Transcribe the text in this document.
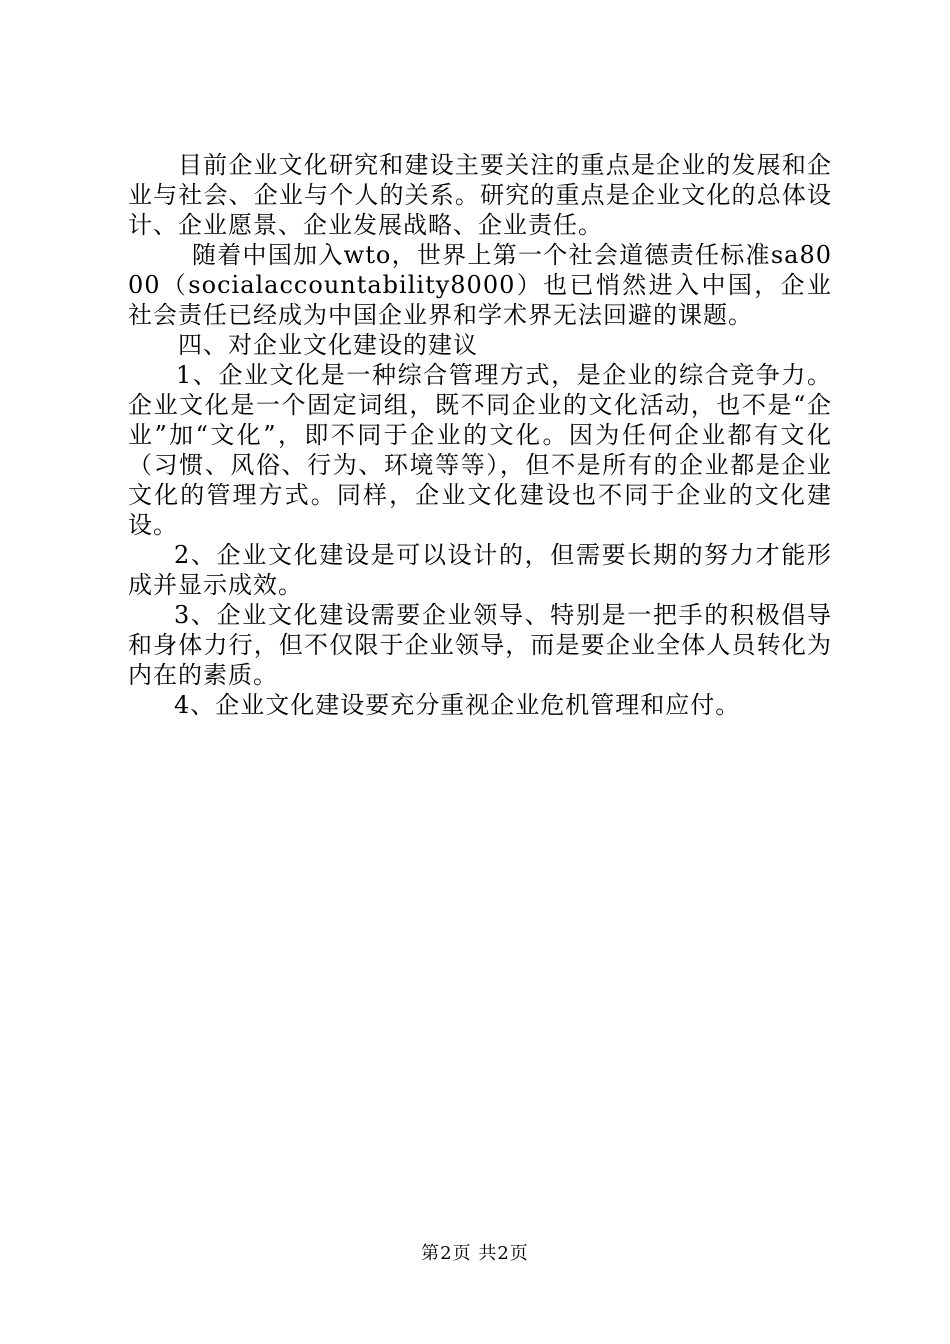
目前企业文化研究和建设主要关注的重点是企业的发展和企业与社会、企业与个人的关系。研究的重点是企业文化的总体设计、企业愿景、企业发展战略、企业责任。

随着中国加入wto，世界上第一个社会道德责任标准sa8000（socialaccountability8000）也已悄然进入中国，企业社会责任已经成为中国企业界和学术界无法回避的课题。

四、对企业文化建设的建议

1、企业文化是一种综合管理方式，是企业的综合竞争力。企业文化是一个固定词组，既不同企业的文化活动，也不是“企业”加“文化”，即不同于企业的文化。因为任何企业都有文化（习惯、风俗、行为、环境等等），但不是所有的企业都是企业文化的管理方式。同样，企业文化建设也不同于企业的文化建设。

2、企业文化建设是可以设计的，但需要长期的努力才能形成并显示成效。

3、企业文化建设需要企业领导、特别是一把手的积极倡导和身体力行，但不仅限于企业领导，而是要企业全体人员转化为内在的素质。

4、企业文化建设要充分重视企业危机管理和应付。

第2页 共2页
